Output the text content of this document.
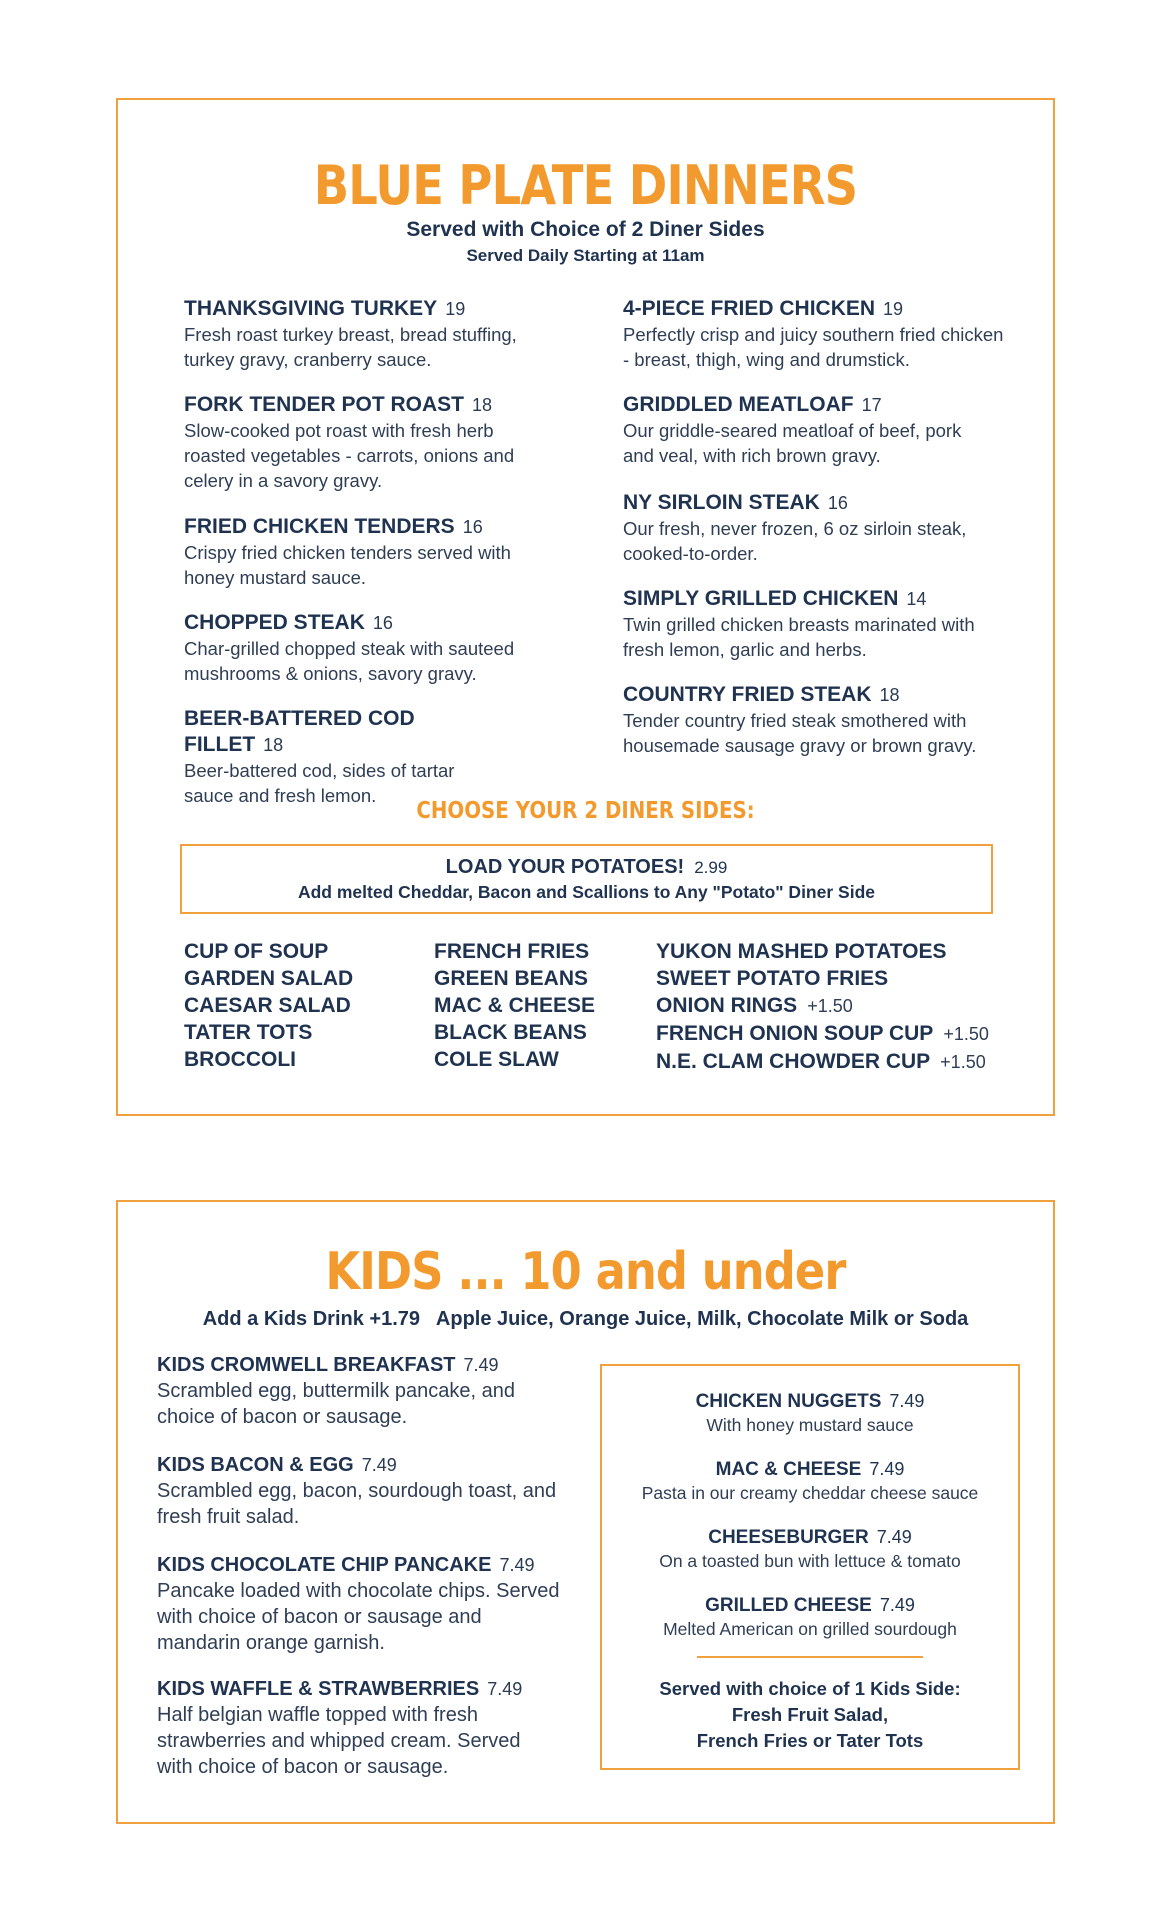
BLUE PLATE DINNERS
Served with Choice of 2 Diner Sides
Served Daily Starting at 11am
THANKSGIVING TURKEY 19
Fresh roast turkey breast, bread stuffing, turkey gravy, cranberry sauce.
FORK TENDER POT ROAST 18
Slow-cooked pot roast with fresh herb roasted vegetables - carrots, onions and celery in a savory gravy.
FRIED CHICKEN TENDERS 16
Crispy fried chicken tenders served with honey mustard sauce.
CHOPPED STEAK 16
Char-grilled chopped steak with sauteed mushrooms & onions, savory gravy.
BEER-BATTERED COD FILLET 18
Beer-battered cod, sides of tartar sauce and fresh lemon.
4-PIECE FRIED CHICKEN 19
Perfectly crisp and juicy southern fried chicken - breast, thigh, wing and drumstick.
GRIDDLED MEATLOAF 17
Our griddle-seared meatloaf of beef, pork and veal, with rich brown gravy.
NY SIRLOIN STEAK 16
Our fresh, never frozen, 6 oz sirloin steak, cooked-to-order.
SIMPLY GRILLED CHICKEN 14
Twin grilled chicken breasts marinated with fresh lemon, garlic and herbs.
COUNTRY FRIED STEAK 18
Tender country fried steak smothered with housemade sausage gravy or brown gravy.
CHOOSE YOUR 2 DINER SIDES:
LOAD YOUR POTATOES! 2.99
Add melted Cheddar, Bacon and Scallions to Any "Potato" Diner Side
CUP OF SOUP
GARDEN SALAD
CAESAR SALAD
TATER TOTS
BROCCOLI
FRENCH FRIES
GREEN BEANS
MAC & CHEESE
BLACK BEANS
COLE SLAW
YUKON MASHED POTATOES
SWEET POTATO FRIES
ONION RINGS +1.50
FRENCH ONION SOUP CUP +1.50
N.E. CLAM CHOWDER CUP +1.50
KIDS ... 10 and under
Add a Kids Drink +1.79   Apple Juice, Orange Juice, Milk, Chocolate Milk or Soda
KIDS CROMWELL BREAKFAST 7.49
Scrambled egg, buttermilk pancake, and choice of bacon or sausage.
KIDS BACON & EGG 7.49
Scrambled egg, bacon, sourdough toast, and fresh fruit salad.
KIDS CHOCOLATE CHIP PANCAKE 7.49
Pancake loaded with chocolate chips. Served with choice of bacon or sausage and mandarin orange garnish.
KIDS WAFFLE & STRAWBERRIES 7.49
Half belgian waffle topped with fresh strawberries and whipped cream. Served with choice of bacon or sausage.
CHICKEN NUGGETS 7.49
With honey mustard sauce
MAC & CHEESE 7.49
Pasta in our creamy cheddar cheese sauce
CHEESEBURGER 7.49
On a toasted bun with lettuce & tomato
GRILLED CHEESE 7.49
Melted American on grilled sourdough
Served with choice of 1 Kids Side:
Fresh Fruit Salad,
French Fries or Tater Tots
